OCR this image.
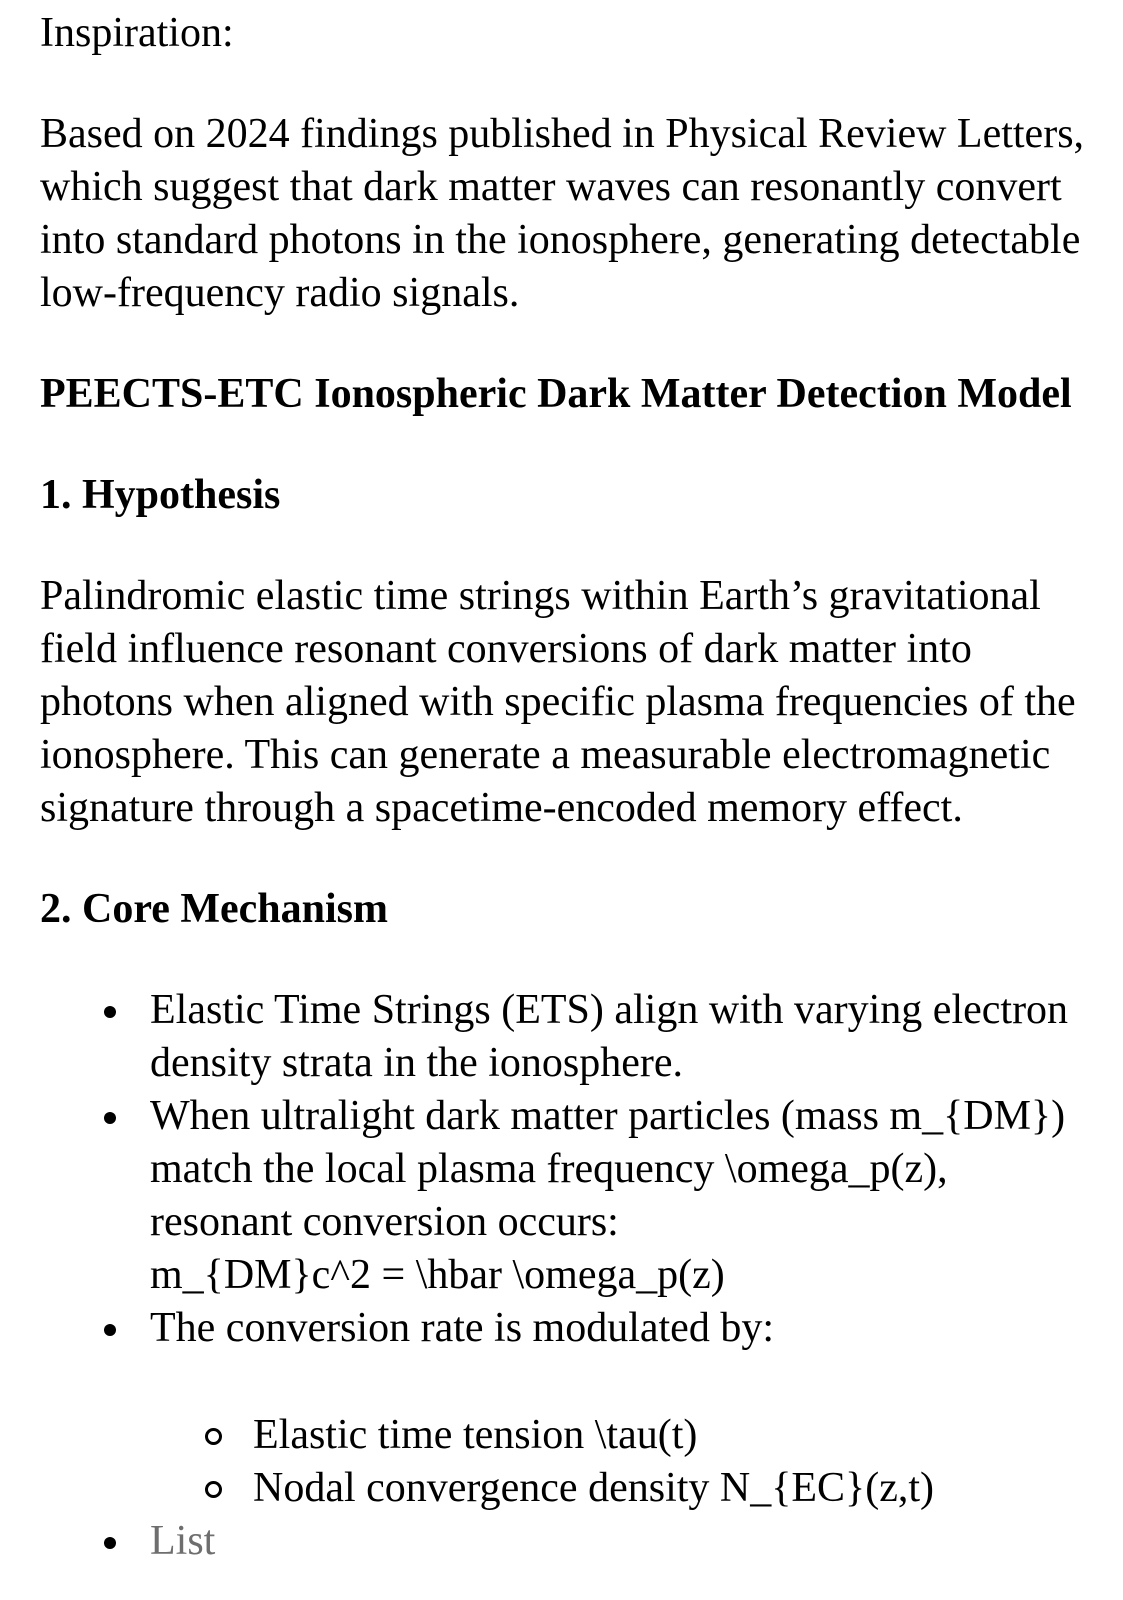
Inspiration:

Based on 2024 findings published in Physical Review Letters, which suggest that dark matter waves can resonantly convert into standard photons in the ionosphere, generating detectable low-frequency radio signals.

PEECTS-ETC Ionospheric Dark Matter Detection Model
1. Hypothesis

Palindromic elastic time strings within Earth’s gravitational field influence resonant conversions of dark matter into photons when aligned with specific plasma frequencies of the ionosphere. This can generate a measurable electromagnetic signature through a spacetime-encoded memory effect.

2. Core Mechanism
Elastic Time Strings (ETS) align with varying electron density strata in the ionosphere.
When ultralight dark matter particles (mass m_{DM}) match the local plasma frequency \omega_p(z), resonant conversion occurs:
m_{DM}c^2 = \hbar \omega_p(z)
The conversion rate is modulated by:
Elastic time tension \tau(t)
Nodal convergence density N_{EC}(z,t)
List
